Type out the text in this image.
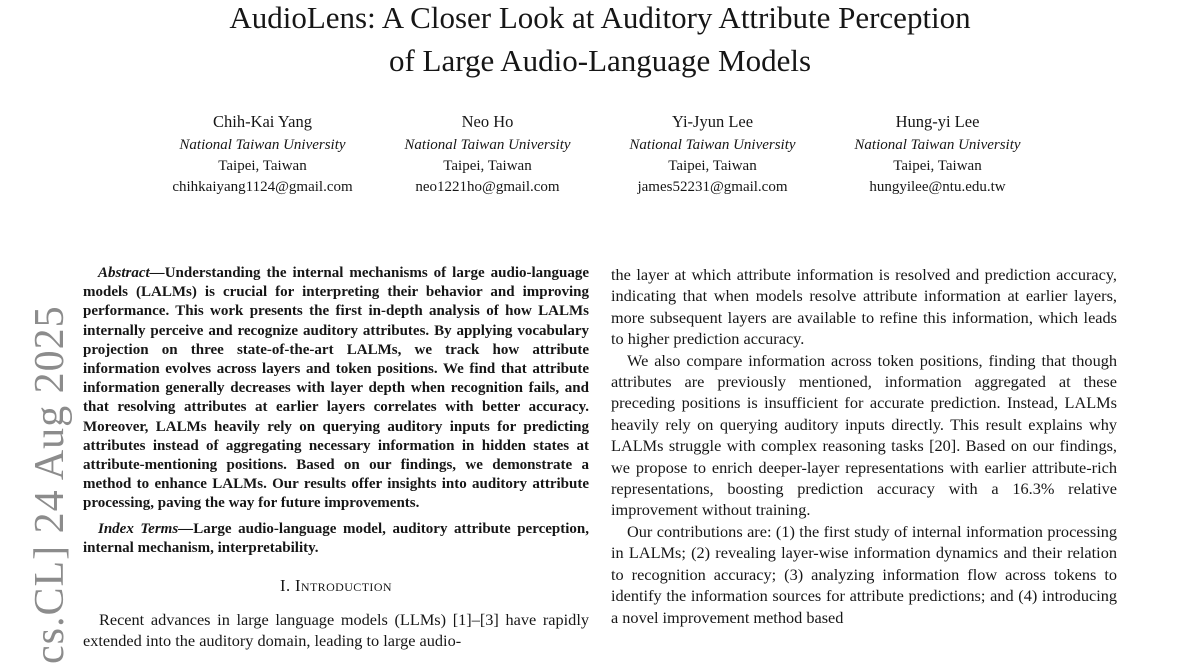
cs.CL] 24 Aug 2025
AudioLens: A Closer Look at Auditory Attribute Perception
of Large Audio-Language Models
Chih-Kai Yang
National Taiwan University
Taipei, Taiwan
chihkaiyang1124@gmail.com
Neo Ho
National Taiwan University
Taipei, Taiwan
neo1221ho@gmail.com
Yi-Jyun Lee
National Taiwan University
Taipei, Taiwan
james52231@gmail.com
Hung-yi Lee
National Taiwan University
Taipei, Taiwan
hungyilee@ntu.edu.tw

Abstract—Understanding the internal mechanisms of large audio-language models (LALMs) is crucial for interpreting their behavior and improving performance. This work presents the first in-depth analysis of how LALMs internally perceive and recognize auditory attributes. By applying vocabulary projection on three state-of-the-art LALMs, we track how attribute information evolves across layers and token positions. We find that attribute information generally decreases with layer depth when recognition fails, and that resolving attributes at earlier layers correlates with better accuracy. Moreover, LALMs heavily rely on querying auditory inputs for predicting attributes instead of aggregating necessary information in hidden states at attribute-mentioning positions. Based on our findings, we demonstrate a method to enhance LALMs. Our results offer insights into auditory attribute processing, paving the way for future improvements.

Index Terms—Large audio-language model, auditory attribute perception, internal mechanism, interpretability.

I. Introduction

Recent advances in large language models (LLMs) [1]–[3] have rapidly extended into the auditory domain, leading to large audio-

the layer at which attribute information is resolved and prediction accuracy, indicating that when models resolve attribute information at earlier layers, more subsequent layers are available to refine this information, which leads to higher prediction accuracy.

We also compare information across token positions, finding that though attributes are previously mentioned, information aggregated at these preceding positions is insufficient for accurate prediction. Instead, LALMs heavily rely on querying auditory inputs directly. This result explains why LALMs struggle with complex reasoning tasks [20]. Based on our findings, we propose to enrich deeper-layer representations with earlier attribute-rich representations, boosting prediction accuracy with a 16.3% relative improvement without training.

Our contributions are: (1) the first study of internal information processing in LALMs; (2) revealing layer-wise information dynamics and their relation to recognition accuracy; (3) analyzing information flow across tokens to identify the information sources for attribute predictions; and (4) introducing a novel improvement method based
